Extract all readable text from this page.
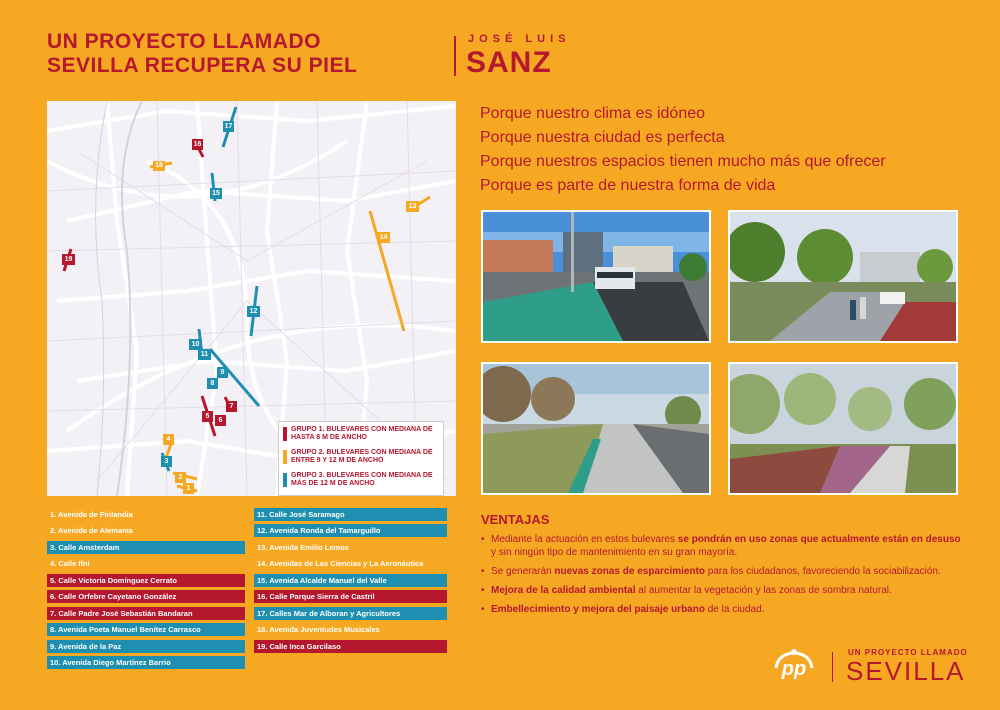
UN PROYECTO LLAMADO
SEVILLA RECUPERA SU PIEL
JOSÉ LUIS
SANZ
17
16
18
15
13
14
19
12
10
11
9
8
7
5
6
4
3
2
1
GRUPO 1. BULEVARES CON MEDIANA DE HASTA 8 M DE ANCHO
GRUPO 2. BULEVARES CON MEDIANA DE ENTRE 9 Y 12 M DE ANCHO
GRUPO 3. BULEVARES CON MEDIANA DE MÁS DE 12 M DE ANCHO
Porque nuestro clima es idóneo
Porque nuestra ciudad es perfecta
Porque nuestros espacios tienen mucho más que ofrecer
Porque es parte de nuestra forma de vida
1. Avenida de Finlandia
2. Avenida de Alemania
3. Calle Amsterdam
4. Calle Ifni
5. Calle Victoria Domínguez Cerrato
6. Calle Orfebre Cayetano González
7. Calle Padre José Sebastián Bandaran
8. Avenida Poeta Manuel Benítez Carrasco
9. Avenida de la Paz
10. Avenida Diego Martínez Barrio
11. Calle José Saramago
12. Avenida Ronda del Tamarguillo
13. Avenida Emilio Lemos
14. Avenidas de Las Ciencias y La Aeronáutica
15. Avenida Alcalde Manuel del Valle
16. Calle Parque Sierra de Castril
17. Calles Mar de Alboran y Agricultores
18. Avenida Juventudes Musicales
19. Calle Inca Garcilaso
VENTAJAS
• Mediante la actuación en estos bulevares se pondrán en uso zonas que actualmente están en desuso y sin ningún tipo de mantenimiento en su gran mayoría.
• Se generarán nuevas zonas de esparcimiento para los ciudadanos, favoreciendo la sociabilización.
• Mejora de la calidad ambiental al aumentar la vegetación y las zonas de sombra natural.
• Embellecimiento y mejora del paisaje urbano de la ciudad.
pp
UN PROYECTO LLAMADO
SEVILLA
